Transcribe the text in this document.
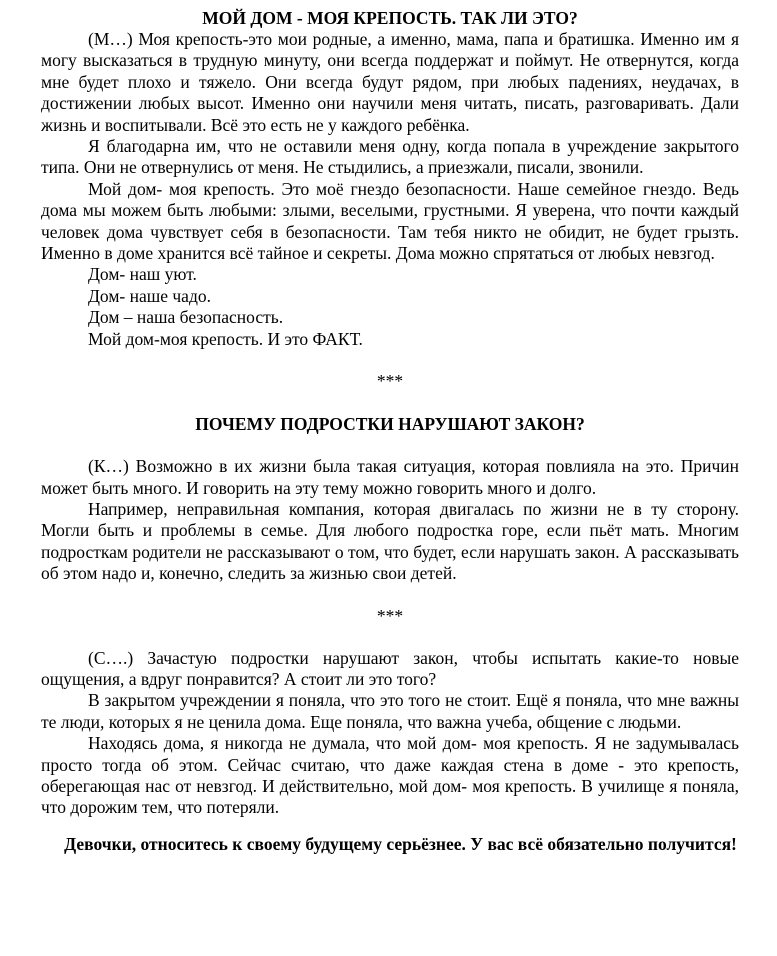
МОЙ ДОМ - МОЯ КРЕПОСТЬ. ТАК ЛИ ЭТО?

(М…) Моя крепость-это мои родные, а именно, мама, папа и братишка. Именно им я могу высказаться в трудную минуту, они всегда поддержат и поймут. Не отвернутся, когда мне будет плохо и тяжело. Они всегда будут рядом, при любых падениях, неудачах, в достижении любых высот. Именно они научили меня читать, писать, разговаривать. Дали жизнь и воспитывали. Всё это есть не у каждого ребёнка.

Я благодарна им, что не оставили меня одну, когда попала в учреждение закрытого типа. Они не отвернулись от меня. Не стыдились, а приезжали, писали, звонили.

Мой дом- моя крепость. Это моё гнездо безопасности. Наше семейное гнездо. Ведь дома мы можем быть любыми: злыми, веселыми, грустными. Я уверена, что почти каждый человек дома чувствует себя в безопасности. Там тебя никто не обидит, не будет грызть. Именно в доме хранится всё тайное и секреты. Дома можно спрятаться от любых невзгод.

Дом- наш уют.

Дом- наше чадо.

Дом – наша безопасность.

Мой дом-моя крепость. И это ФАКТ.

***
ПОЧЕМУ ПОДРОСТКИ НАРУШАЮТ ЗАКОН?

(К…) Возможно в их жизни была такая ситуация, которая повлияла на это. Причин может быть много. И говорить на эту тему можно говорить много и долго.

Например, неправильная компания, которая двигалась по жизни не в ту сторону. Могли быть и проблемы в семье. Для любого подростка горе, если пьёт мать. Многим подросткам родители не рассказывают о том, что будет, если нарушать закон. А рассказывать об этом надо и, конечно, следить за жизнью свои детей.

***

(С….) Зачастую подростки нарушают закон, чтобы испытать какие-то новые ощущения, а вдруг понравится? А стоит ли это того?

В закрытом учреждении я поняла, что это того не стоит. Ещё я поняла, что мне важны те люди, которых я не ценила дома. Еще поняла, что важна учеба, общение с людьми.

Находясь дома, я никогда не думала, что мой дом- моя крепость. Я не задумывалась просто тогда об этом. Сейчас считаю, что даже каждая стена в доме - это крепость, оберегающая нас от невзгод. И действительно, мой дом- моя крепость. В училище я поняла, что дорожим тем, что потеряли.

Девочки, относитесь к своему будущему серьёзнее. У вас всё обязательно получится!
